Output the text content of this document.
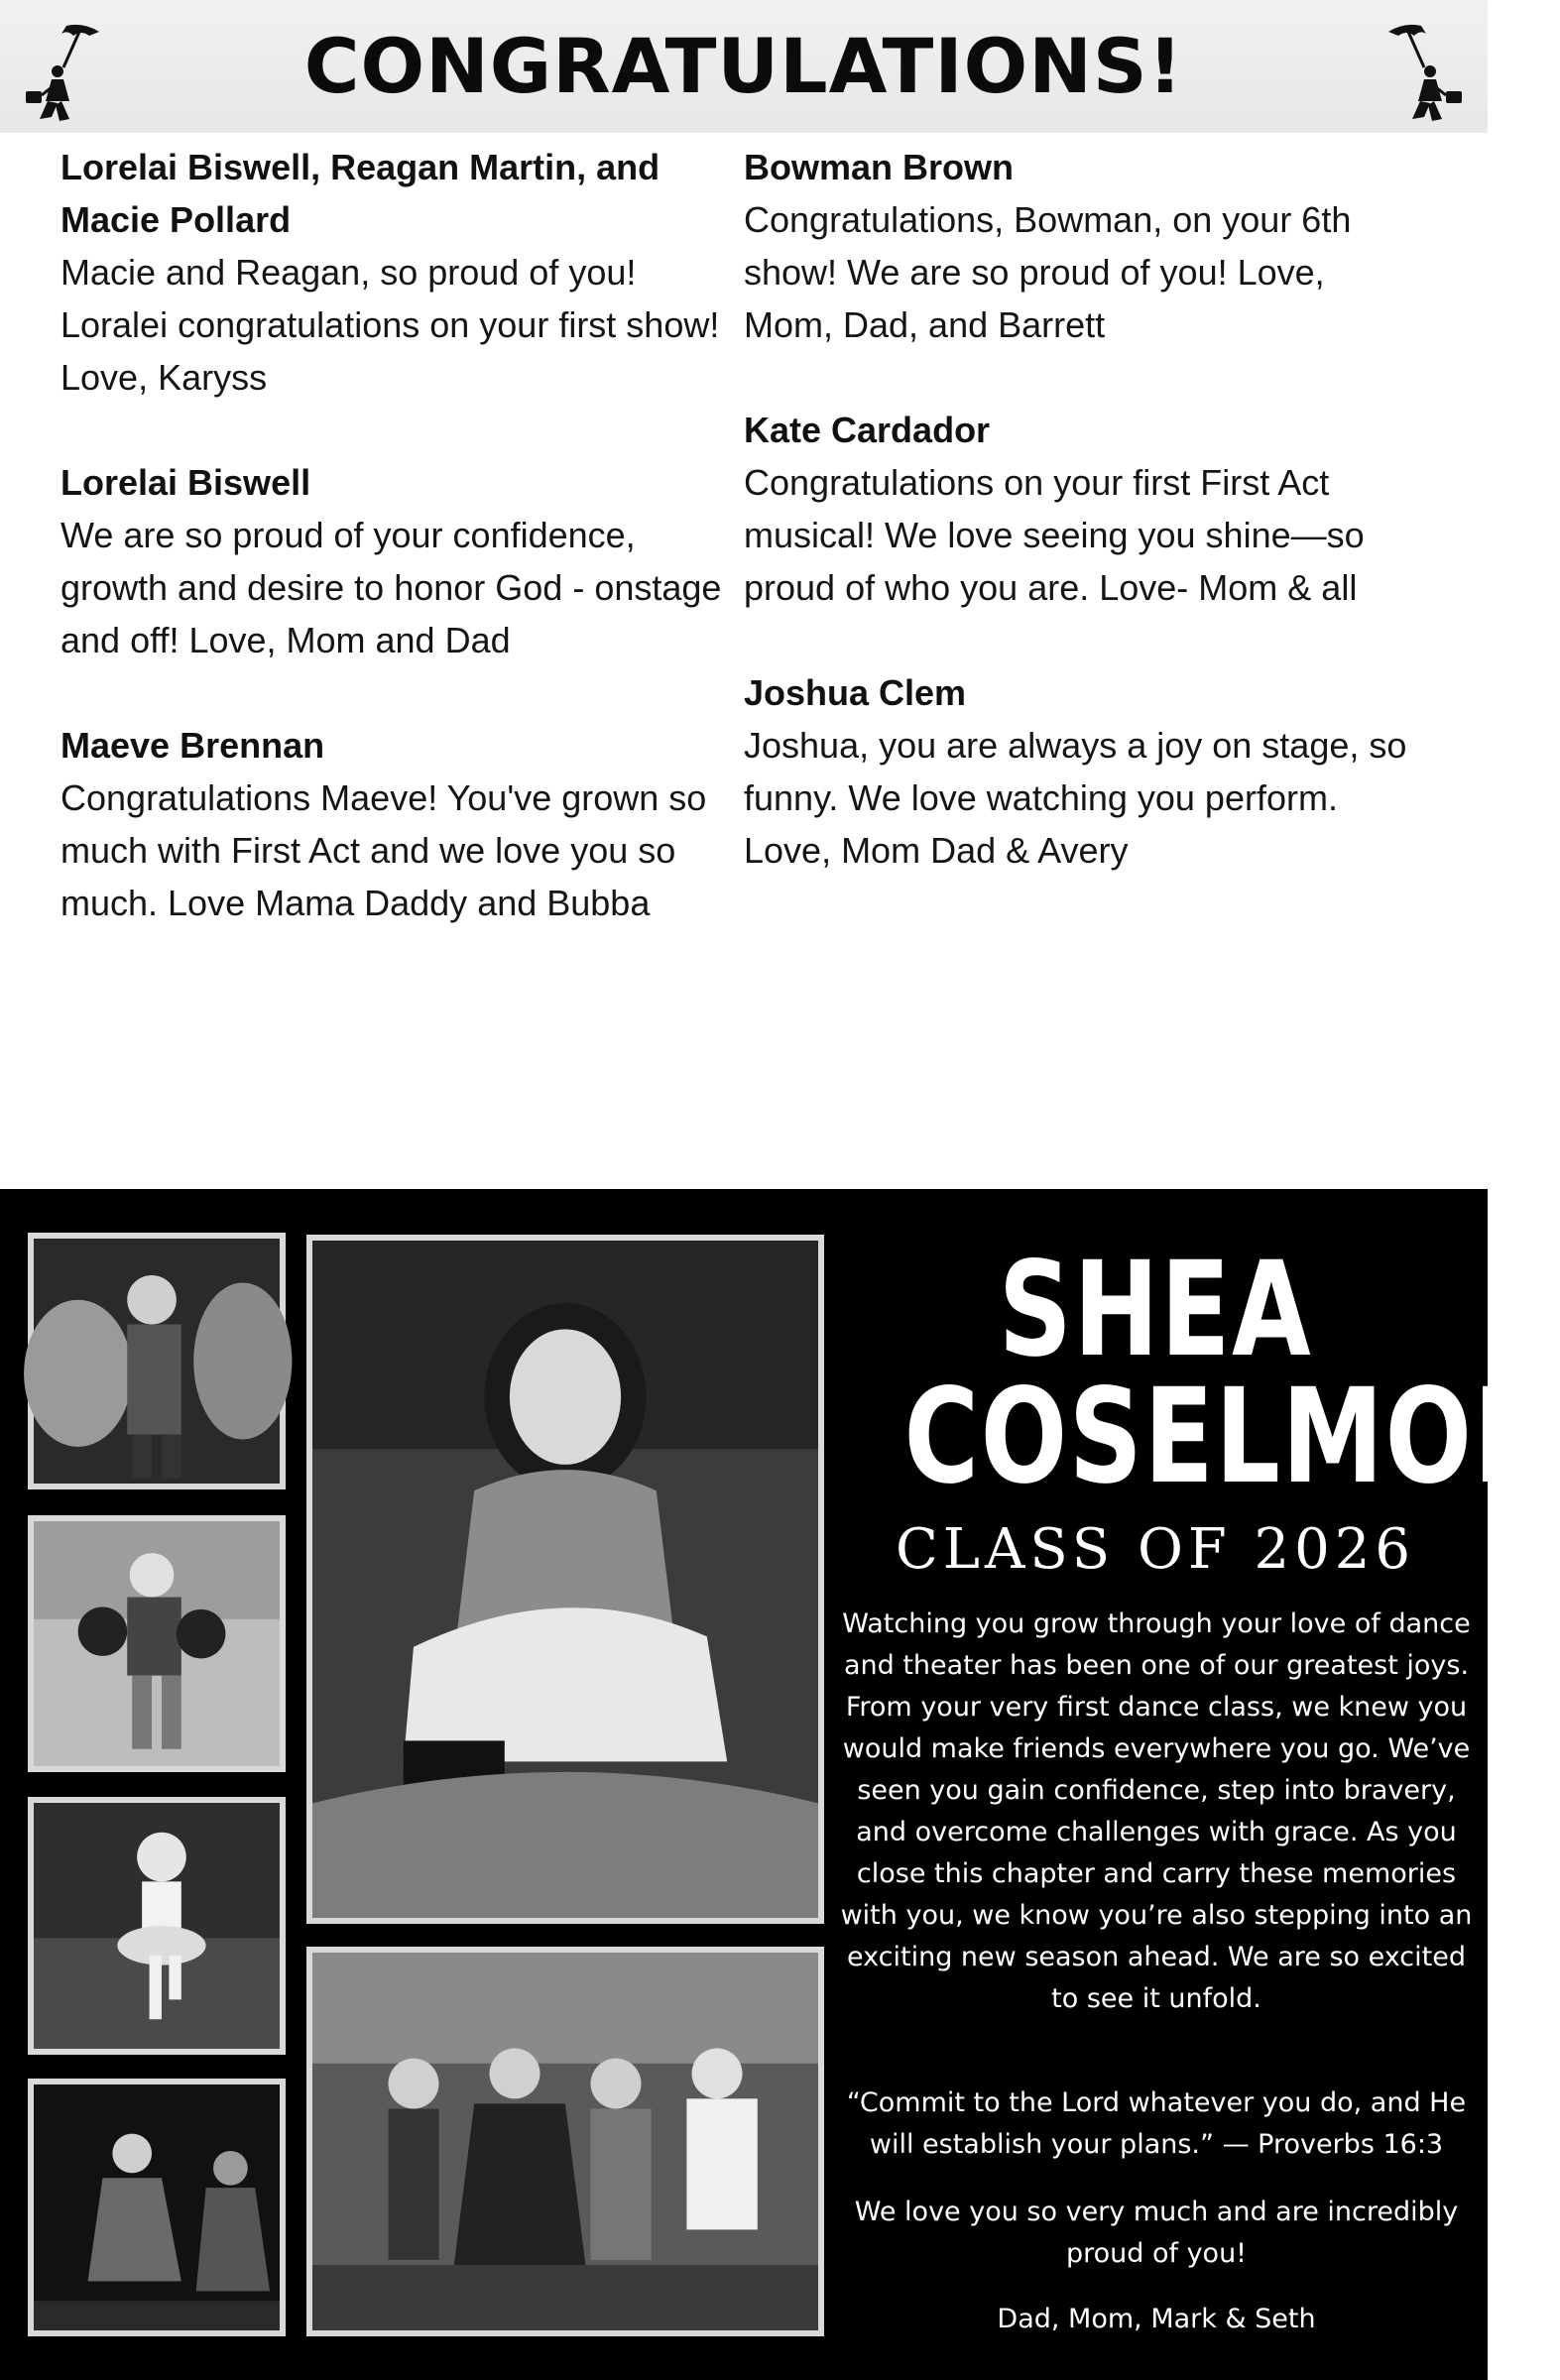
CONGRATULATIONS!
Lorelai Biswell, Reagan Martin, and Macie Pollard
Macie and Reagan, so proud of you! Loralei congratulations on your first show! Love, Karyss
Lorelai Biswell
We are so proud of your confidence, growth and desire to honor God - onstage and off! Love, Mom and Dad
Maeve Brennan
Congratulations Maeve! You've grown so much with First Act and we love you so much. Love Mama Daddy and Bubba
Bowman Brown
Congratulations, Bowman, on your 6th show! We are so proud of you! Love, Mom, Dad, and Barrett
Kate Cardador
Congratulations on your first First Act musical! We love seeing you shine—so proud of who you are. Love- Mom & all
Joshua Clem
Joshua, you are always a joy on stage, so funny. We love watching you perform. Love, Mom Dad & Avery
SHEA
COSELMON
CLASS OF 2026
Watching you grow through your love of dance and theater has been one of our greatest joys. From your very first dance class, we knew you would make friends everywhere you go. We’ve seen you gain confidence, step into bravery, and overcome challenges with grace. As you close this chapter and carry these memories with you, we know you’re also stepping into an exciting new season ahead. We are so excited to see it unfold.
“Commit to the Lord whatever you do, and He will establish your plans.” — Proverbs 16:3
We love you so very much and are incredibly proud of you!
Dad, Mom, Mark & Seth
